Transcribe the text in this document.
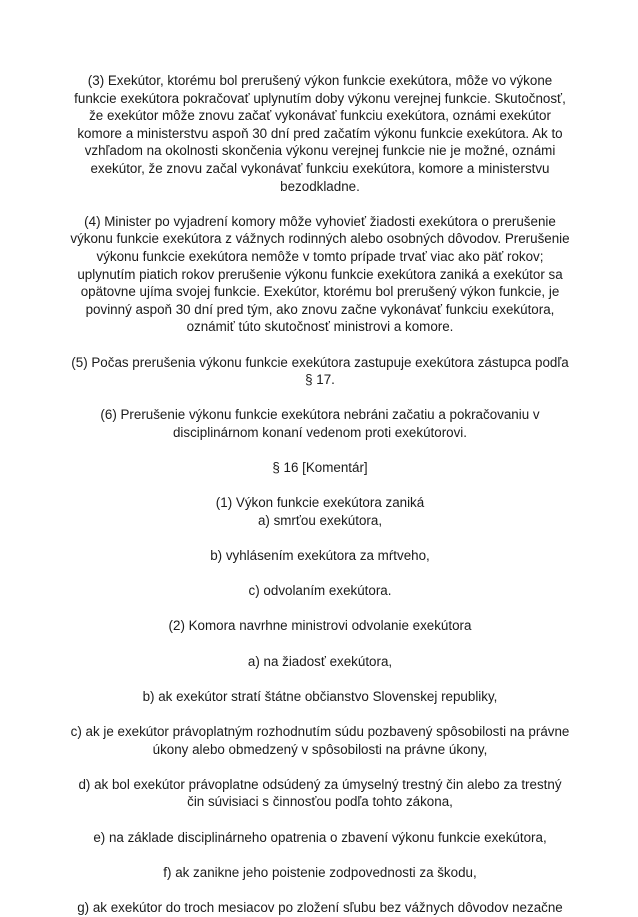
(3) Exekútor, ktorému bol prerušený výkon funkcie exekútora, môže vo výkone funkcie exekútora pokračovať uplynutím doby výkonu verejnej funkcie. Skutočnosť, že exekútor môže znovu začať vykonávať funkciu exekútora, oznámi exekútor komore a ministerstvu aspoň 30 dní pred začatím výkonu funkcie exekútora. Ak to vzhľadom na okolnosti skončenia výkonu verejnej funkcie nie je možné, oznámi exekútor, že znovu začal vykonávať funkciu exekútora, komore a ministerstvu bezodkladne.

(4) Minister po vyjadrení komory môže vyhovieť žiadosti exekútora o prerušenie výkonu funkcie exekútora z vážnych rodinných alebo osobných dôvodov. Prerušenie výkonu funkcie exekútora nemôže v tomto prípade trvať viac ako päť rokov; uplynutím piatich rokov prerušenie výkonu funkcie exekútora zaniká a exekútor sa opätovne ujíma svojej funkcie. Exekútor, ktorému bol prerušený výkon funkcie, je povinný aspoň 30 dní pred tým, ako znovu začne vykonávať funkciu exekútora, oznámiť túto skutočnosť ministrovi a komore.

(5) Počas prerušenia výkonu funkcie exekútora zastupuje exekútora zástupca podľa § 17.

(6) Prerušenie výkonu funkcie exekútora nebráni začatiu a pokračovaniu v disciplinárnom konaní vedenom proti exekútorovi.

§ 16 [Komentár]

(1) Výkon funkcie exekútora zaniká

a) smrťou exekútora,

b) vyhlásením exekútora za mŕtveho,

c) odvolaním exekútora.

(2) Komora navrhne ministrovi odvolanie exekútora

a) na žiadosť exekútora,

b) ak exekútor stratí štátne občianstvo Slovenskej republiky,

c) ak je exekútor právoplatným rozhodnutím súdu pozbavený spôsobilosti na právne úkony alebo obmedzený v spôsobilosti na právne úkony,

d) ak bol exekútor právoplatne odsúdený za úmyselný trestný čin alebo za trestný čin súvisiaci s činnosťou podľa tohto zákona,

e) na základe disciplinárneho opatrenia o zbavení výkonu funkcie exekútora,

f) ak zanikne jeho poistenie zodpovednosti za škodu,

g) ak exekútor do troch mesiacov po zložení sľubu bez vážnych dôvodov nezačne
